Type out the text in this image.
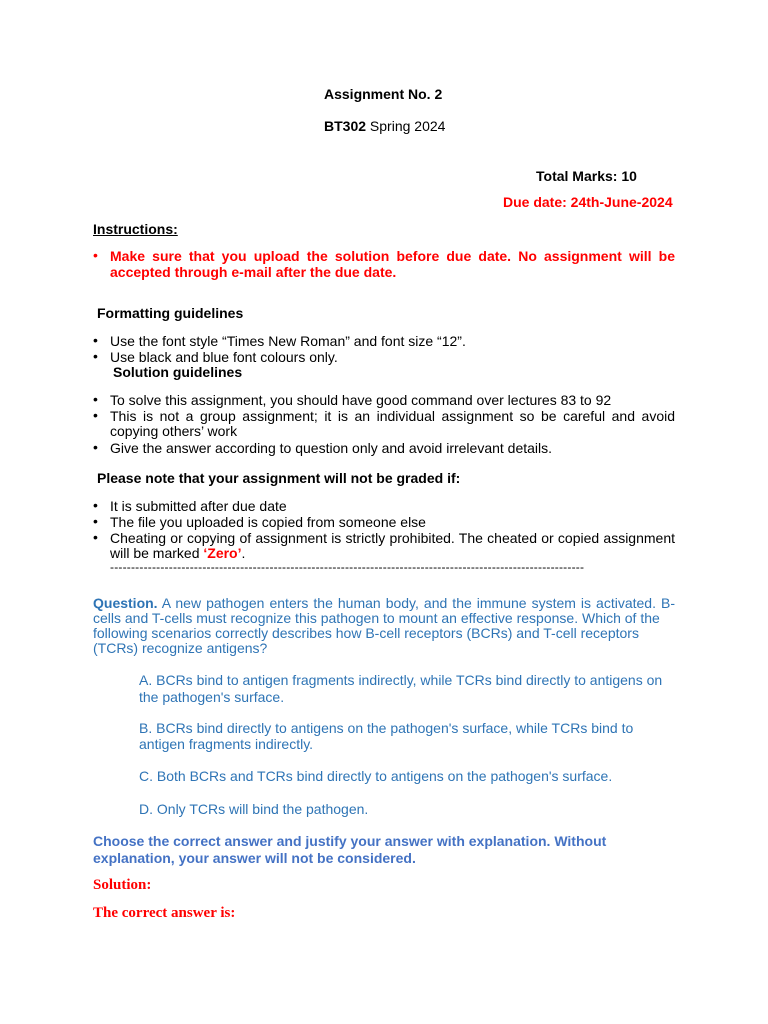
Assignment No. 2
BT302 Spring 2024
Total Marks: 10
Due date: 24th-June-2024
Instructions:
• Make sure that you upload the solution before due date. No assignment will be
accepted through e-mail after the due date.
Formatting guidelines
• Use the font style “Times New Roman” and font size “12”.
• Use black and blue font colours only.
Solution guidelines
• To solve this assignment, you should have good command over lectures 83 to 92
• This is not a group assignment; it is an individual assignment so be careful and avoid
copying others’ work
• Give the answer according to question only and avoid irrelevant details.
Please note that your assignment will not be graded if:
• It is submitted after due date
• The file you uploaded is copied from someone else
• Cheating or copying of assignment is strictly prohibited. The cheated or copied assignment
will be marked ‘Zero’.
-----------------------------------------------------------------------------------------------------------------
Question. A new pathogen enters the human body, and the immune system is activated. B-
cells and T-cells must recognize this pathogen to mount an effective response. Which of the
following scenarios correctly describes how B-cell receptors (BCRs) and T-cell receptors
(TCRs) recognize antigens?
A. BCRs bind to antigen fragments indirectly, while TCRs bind directly to antigens on
the pathogen's surface.
B. BCRs bind directly to antigens on the pathogen's surface, while TCRs bind to
antigen fragments indirectly.
C. Both BCRs and TCRs bind directly to antigens on the pathogen's surface.
D. Only TCRs will bind the pathogen.
Choose the correct answer and justify your answer with explanation. Without
explanation, your answer will not be considered.
Solution:
The correct answer is:
